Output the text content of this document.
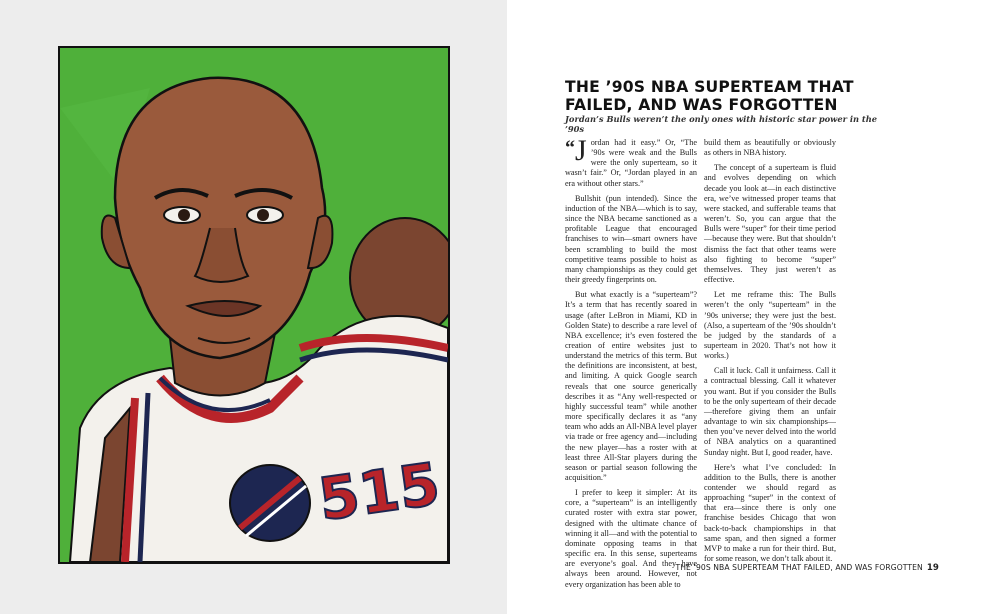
515
THE ’90S NBA SUPERTEAM THAT FAILED, AND WAS FORGOTTEN
Jordan’s Bulls weren’t the only ones with historic star power in the ’90s

“J ordan had it easy.” Or, “The ’90s were weak and the Bulls were the only superteam, so it wasn’t fair.” Or, “Jordan played in an era without other stars.”

Bullshit (pun intended). Since the induction of the NBA—which is to say, since the NBA became sanctioned as a profitable League that encouraged franchises to win—smart owners have been scrambling to build the most competitive teams possible to hoist as many championships as they could get their greedy fingerprints on.

But what exactly is a “superteam”? It’s a term that has recently soared in usage (after LeBron in Miami, KD in Golden State) to describe a rare level of NBA excellence; it’s even fostered the creation of entire websites just to understand the metrics of this term. But the definitions are inconsistent, at best, and limiting. A quick Google search reveals that one source generically describes it as “Any well-respected or highly successful team” while another more specifically declares it as “any team who adds an All-NBA level player via trade or free agency and—including the new player—has a roster with at least three All-Star players during the season or partial season following the acquisition.”

I prefer to keep it simpler: At its core, a “superteam” is an intelligently curated roster with extra star power, designed with the ultimate chance of winning it all—and with the potential to dominate opposing teams in that specific era. In this sense, superteams are everyone’s goal. And they have always been around. However, not every organization has been able to

build them as beautifully or obviously as others in NBA history.

The concept of a superteam is fluid and evolves depending on which decade you look at—in each distinctive era, we’ve witnessed proper teams that were stacked, and sufferable teams that weren’t. So, you can argue that the Bulls were “super” for their time period—because they were. But that shouldn’t dismiss the fact that other teams were also fighting to become “super” themselves. They just weren’t as effective.

Let me reframe this: The Bulls weren’t the only “superteam” in the ’90s universe; they were just the best. (Also, a superteam of the ’90s shouldn’t be judged by the standards of a superteam in 2020. That’s not how it works.)

Call it luck. Call it unfairness. Call it a contractual blessing. Call it whatever you want. But if you consider the Bulls to be the only superteam of their decade—therefore giving them an unfair advantage to win six championships—then you’ve never delved into the world of NBA analytics on a quarantined Sunday night. But I, good reader, have.

Here’s what I’ve concluded: In addition to the Bulls, there is another contender we should regard as approaching “super” in the context of that era—since there is only one franchise besides Chicago that won back-to-back championships in that same span, and then signed a former MVP to make a run for their third. But, for some reason, we don’t talk about it.

THE ’90S NBA SUPERTEAM THAT FAILED, AND WAS FORGOTTEN 19
